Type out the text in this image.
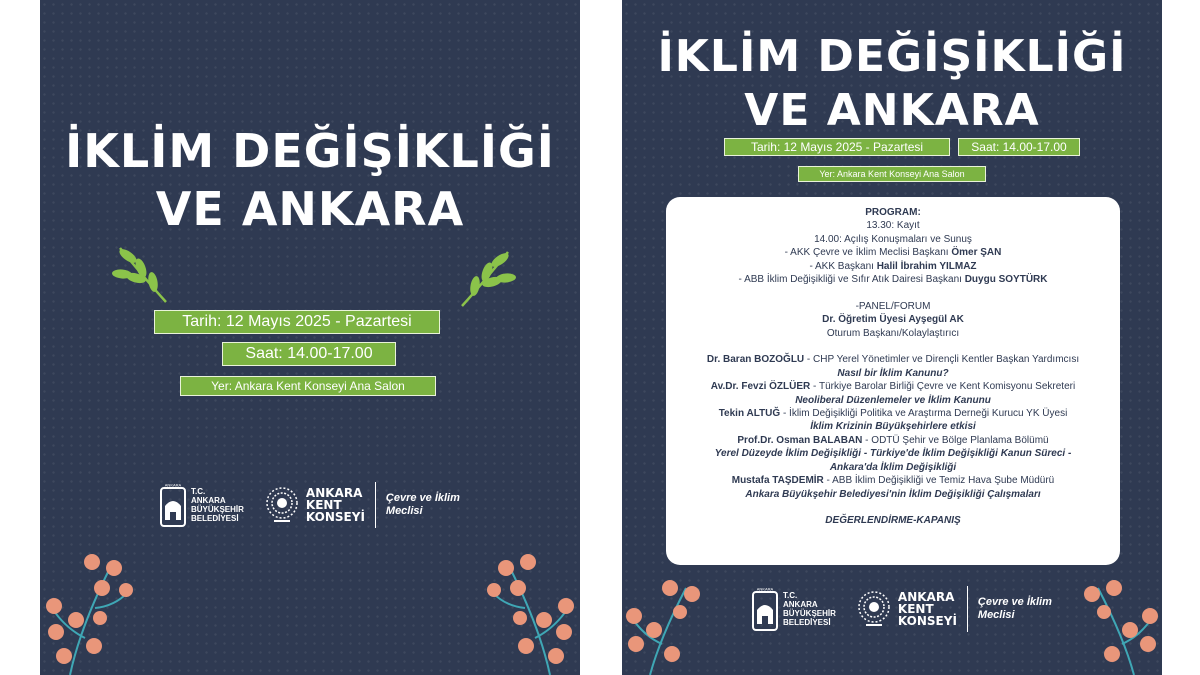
İKLİM DEĞİŞİKLİĞİ
VE ANKARA
Tarih: 12 Mayıs 2025 - Pazartesi
Saat: 14.00-17.00
Yer: Ankara Kent Konseyi Ana Salon
ANKARA
T.C.
ANKARA
BÜYÜKŞEHİR
BELEDİYESİ
ANKARA
KENT
KONSEYİ
Çevre ve İklim
Meclisi
İKLİM DEĞİŞİKLİĞİ
VE ANKARA
Tarih: 12 Mayıs 2025 - Pazartesi	Saat: 14.00-17.00
Yer: Ankara Kent Konseyi Ana Salon

PROGRAM:

13.30: Kayıt

14.00: Açılış Konuşmaları ve Sunuş

- AKK Çevre ve İklim Meclisi Başkanı Ömer ŞAN

- AKK Başkanı Halil İbrahim YILMAZ

- ABB İklim Değişikliği ve Sıfır Atık Dairesi Başkanı Duygu SOYTÜRK

-PANEL/FORUM

Dr. Öğretim Üyesi Ayşegül AK

Oturum Başkanı/Kolaylaştırıcı

Dr. Baran BOZOĞLU - CHP Yerel Yönetimler ve Dirençli Kentler Başkan Yardımcısı

Nasıl bir İklim Kanunu?

Av.Dr. Fevzi ÖZLÜER - Türkiye Barolar Birliği Çevre ve Kent Komisyonu Sekreteri

Neoliberal Düzenlemeler ve İklim Kanunu

Tekin ALTUĞ - İklim Değişikliği Politika ve Araştırma Derneği Kurucu YK Üyesi

İklim Krizinin Büyükşehirlere etkisi

Prof.Dr. Osman BALABAN - ODTÜ Şehir ve Bölge Planlama Bölümü

Yerel Düzeyde İklim Değişikliği - Türkiye'de İklim Değişikliği Kanun Süreci -

Ankara'da İklim Değişikliği

Mustafa TAŞDEMİR - ABB İklim Değişikliği ve Temiz Hava Şube Müdürü

Ankara Büyükşehir Belediyesi'nin İklim Değişikliği Çalışmaları

DEĞERLENDİRME-KAPANIŞ

ANKARA
T.C.
ANKARA
BÜYÜKŞEHİR
BELEDİYESİ
ANKARA
KENT
KONSEYİ
Çevre ve İklim
Meclisi
